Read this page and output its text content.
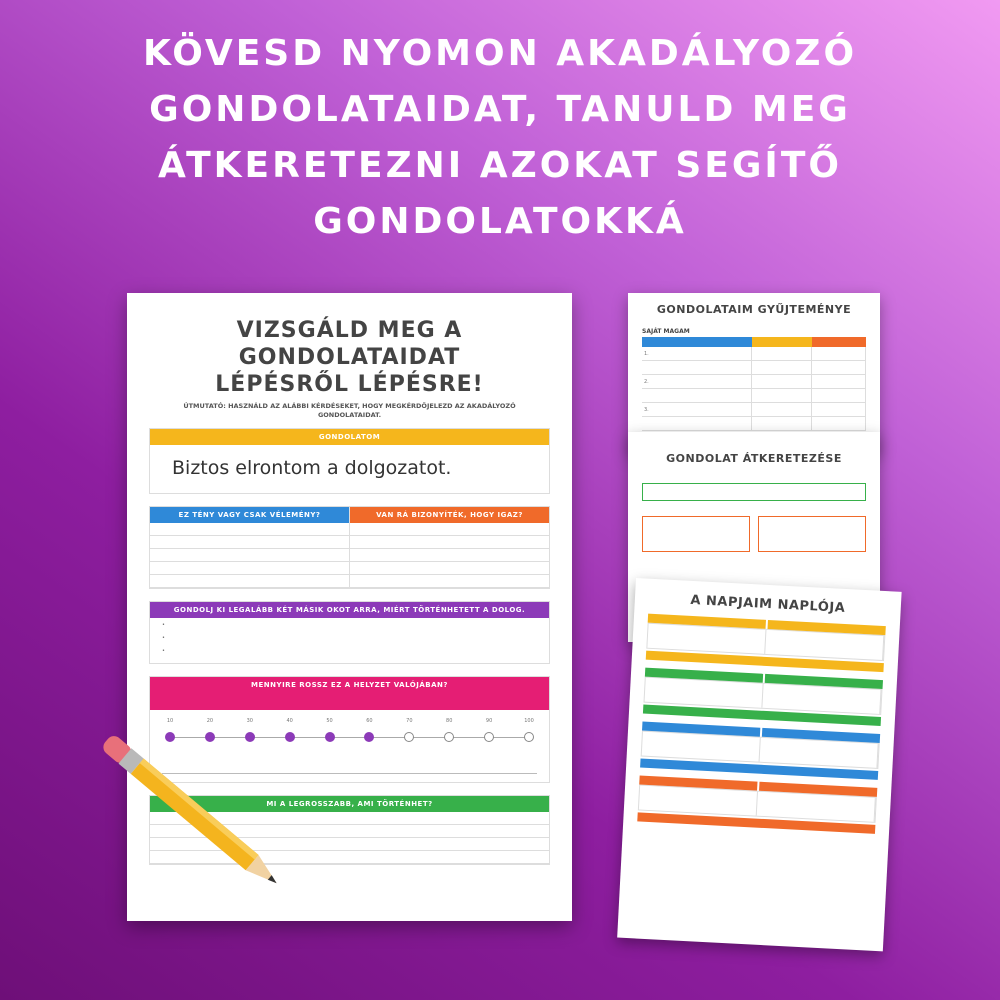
KÖVESD NYOMON AKADÁLYOZÓ
GONDOLATAIDAT, TANULD MEG
ÁTKERETEZNI AZOKAT SEGÍTŐ
GONDOLATOKKÁ
VIZSGÁLD MEG A GONDOLATAIDAT
LÉPÉSRŐL LÉPÉSRE!
ÚTMUTATÓ: HASZNÁLD AZ ALÁBBI KÉRDÉSEKET, HOGY MEGKÉRDŐJELEZD AZ AKADÁLYOZÓ GONDOLATAIDAT.
GONDOLATOM
Biztos elrontom a dolgozatot.
EZ TÉNY VAGY CSAK VÉLEMÉNY?	VAN RÁ BIZONYÍTÉK, HOGY IGAZ?
GONDOLJ KI LEGALÁBB KÉT MÁSIK OKOT ARRA, MIÉRT TÖRTÉNHETETT A DOLOG.
•
•
•
MENNYIRE ROSSZ EZ A HELYZET VALÓJÁBAN?
10	20	30	40	50	60	70	80	90	100
MI A LEGROSSZABB, AMI TÖRTÉNHET?
GONDOLATAIM GYŰJTEMÉNYE
SAJÁT MAGAM
1.
2.
3.
GONDOLAT ÁTKERETEZÉSE
A NAPJAIM NAPLÓJA
